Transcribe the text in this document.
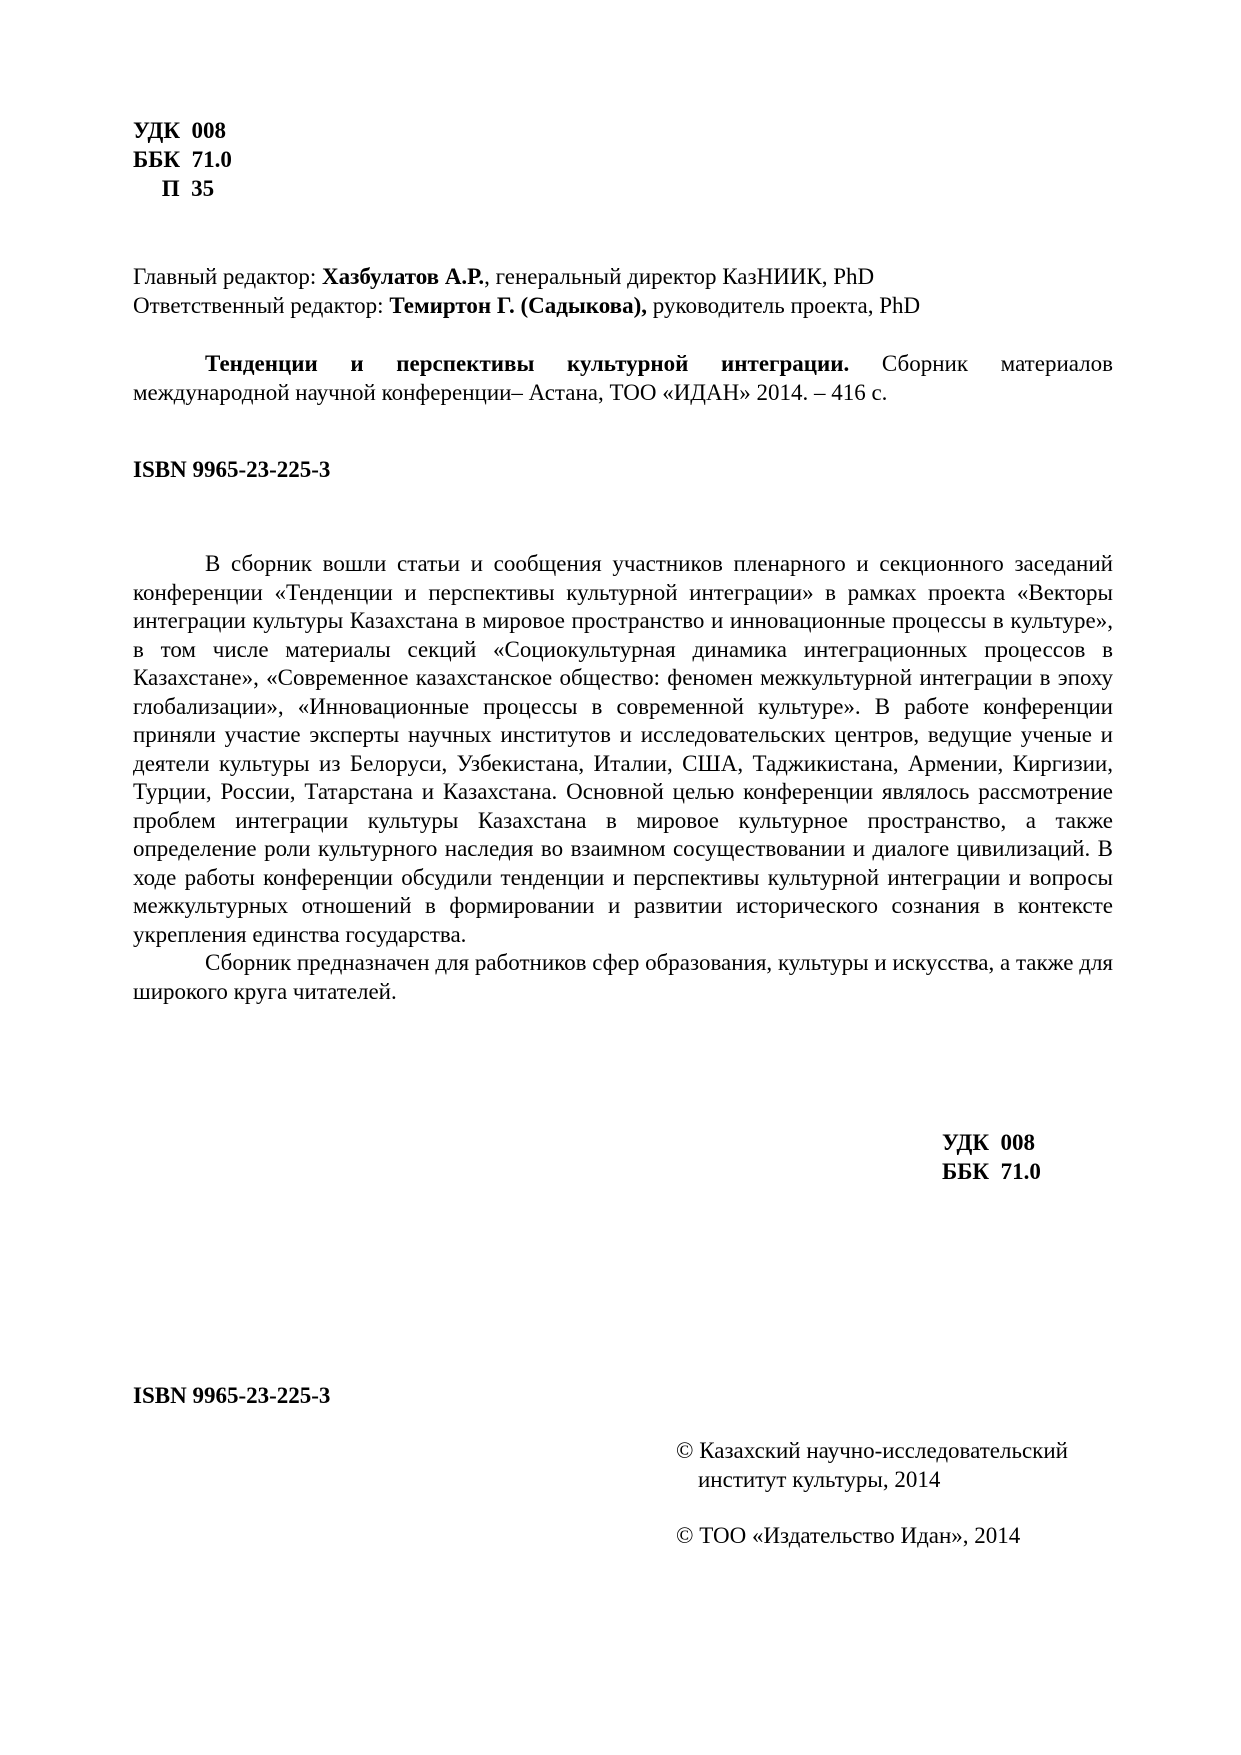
УДК  008
ББК  71.0
П  35
Главный редактор: Хазбулатов А.Р., генеральный директор КазНИИК, PhD
Ответственный редактор: Темиртон Г. (Садыкова), руководитель проекта, PhD

Тенденции и перспективы культурной интеграции. Сборник материалов международной научной конференции– Астана, ТОО «ИДАН» 2014. – 416 с.

ISBN 9965-23-225-3

В сборник вошли статьи и сообщения участников пленарного и секционного заседаний конференции «Тенденции и перспективы культурной интеграции» в рамках проекта «Векторы интеграции культуры Казахстана в мировое пространство и инновационные процессы в культуре», в том числе материалы секций «Социокультурная динамика интеграционных процессов в Казахстане», «Современное казахстанское общество: феномен межкультурной интеграции в эпоху глобализации», «Инновационные процессы в современной культуре». В работе конференции приняли участие эксперты научных институтов и исследовательских центров, ведущие ученые и деятели культуры из Белоруси, Узбекистана, Италии, США, Таджикистана, Армении, Киргизии, Турции, России, Татарстана и Казахстана. Основной целью конференции являлось рассмотрение проблем интеграции культуры Казахстана в мировое культурное пространство, а также определение роли культурного наследия во взаимном сосуществовании и диалоге цивилизаций. В ходе работы конференции обсудили тенденции и перспективы культурной интеграции и вопросы межкультурных отношений в формировании и развитии исторического сознания в контексте укрепления единства государства.

Сборник предназначен для работников сфер образования, культуры и искусства, а также для широкого круга читателей.

УДК  008
ББК  71.0
ISBN 9965-23-225-3
© Казахский научно-исследовательский
институт культуры, 2014
© ТОО «Издательство Идан», 2014
